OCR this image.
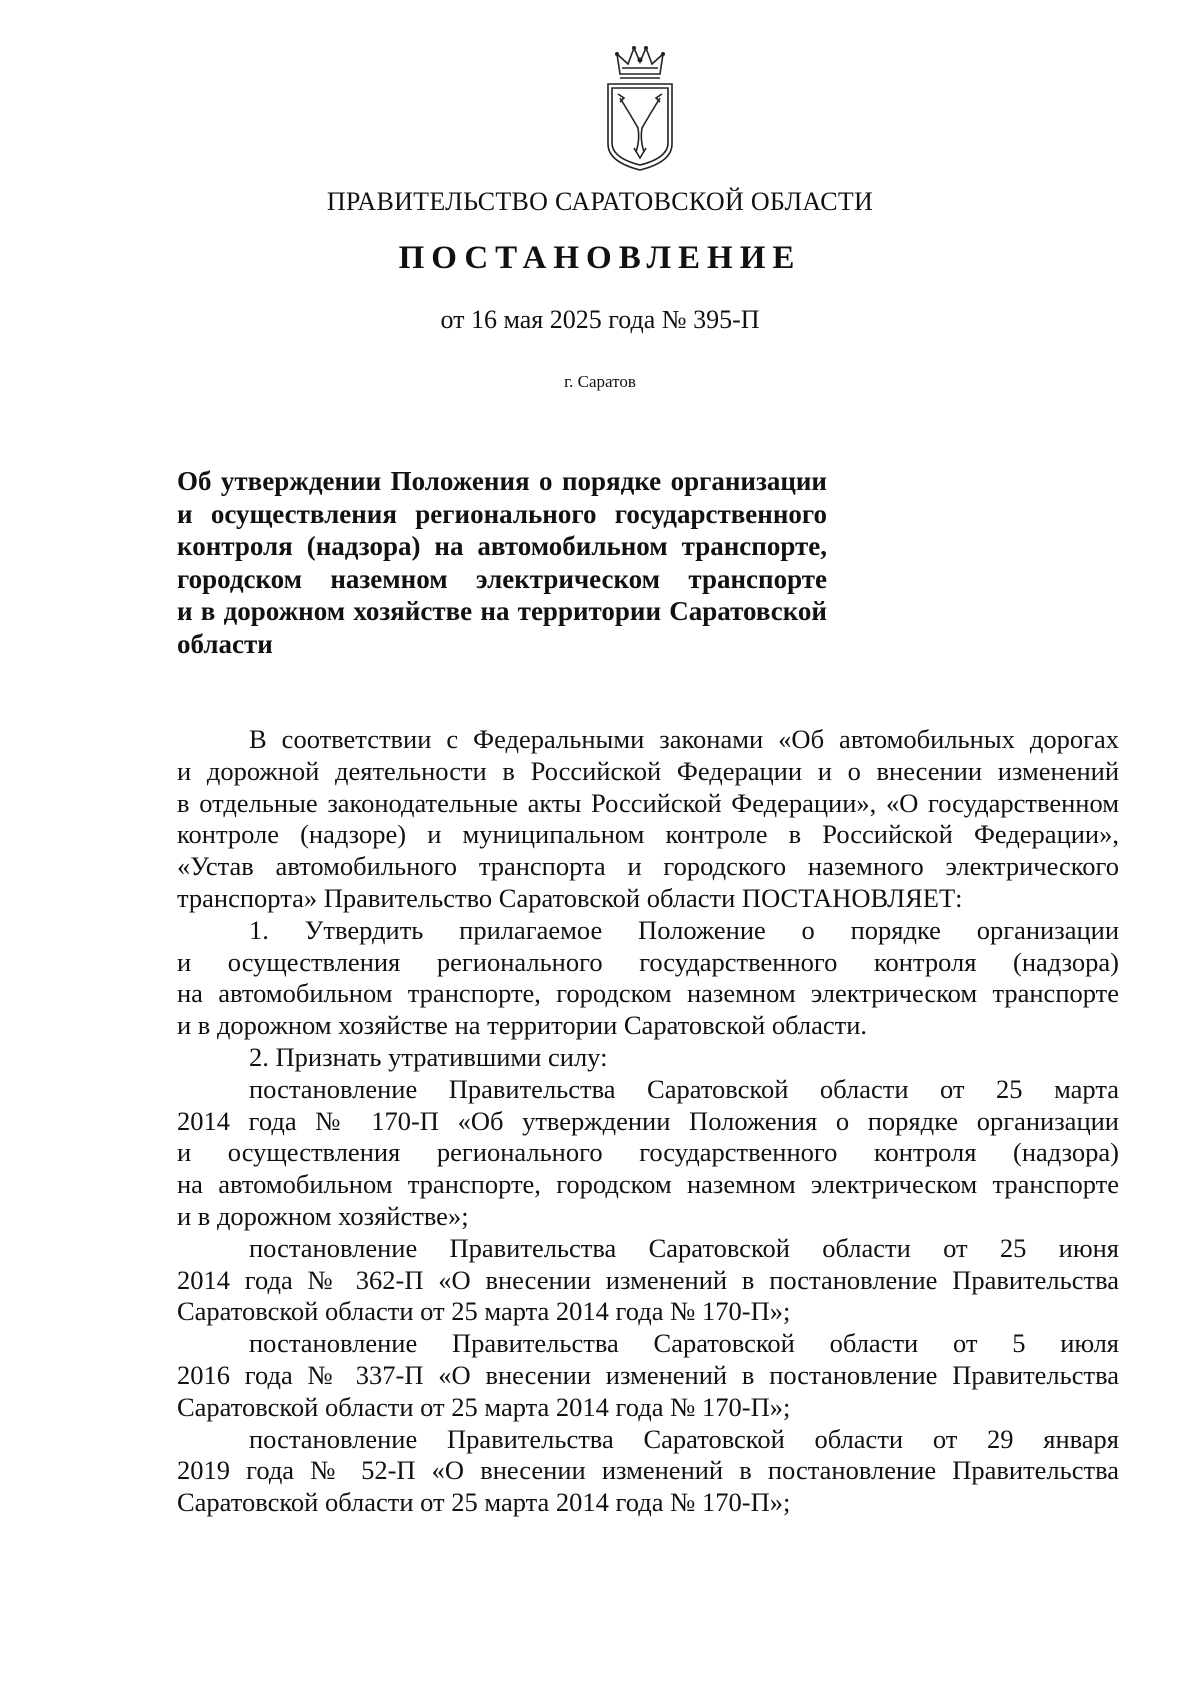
ПРАВИТЕЛЬСТВО САРАТОВСКОЙ ОБЛАСТИ
ПОСТАНОВЛЕНИЕ
от 16 мая 2025 года № 395-П
г. Саратов
Об утверждении Положения о порядке организации
и осуществления регионального государственного
контроля (надзора) на автомобильном транспорте,
городском наземном электрическом транспорте
и в дорожном хозяйстве на территории Саратовской
области
В соответствии с Федеральными законами «Об автомобильных дорогах
и дорожной деятельности в Российской Федерации и о внесении изменений
в отдельные законодательные акты Российской Федерации», «О государственном
контроле (надзоре) и муниципальном контроле в Российской Федерации»,
«Устав автомобильного транспорта и городского наземного электрического
транспорта» Правительство Саратовской области ПОСТАНОВЛЯЕТ:
1. Утвердить прилагаемое Положение о порядке организации
и осуществления регионального государственного контроля (надзора)
на автомобильном транспорте, городском наземном электрическом транспорте
и в дорожном хозяйстве на территории Саратовской области.
2. Признать утратившими силу:
постановление Правительства Саратовской области от 25 марта
2014 года № 170-П «Об утверждении Положения о порядке организации
и осуществления регионального государственного контроля (надзора)
на автомобильном транспорте, городском наземном электрическом транспорте
и в дорожном хозяйстве»;
постановление Правительства Саратовской области от 25 июня
2014 года № 362-П «О внесении изменений в постановление Правительства
Саратовской области от 25 марта 2014 года № 170-П»;
постановление Правительства Саратовской области от 5 июля
2016 года № 337-П «О внесении изменений в постановление Правительства
Саратовской области от 25 марта 2014 года № 170-П»;
постановление Правительства Саратовской области от 29 января
2019 года № 52-П «О внесении изменений в постановление Правительства
Саратовской области от 25 марта 2014 года № 170-П»;
